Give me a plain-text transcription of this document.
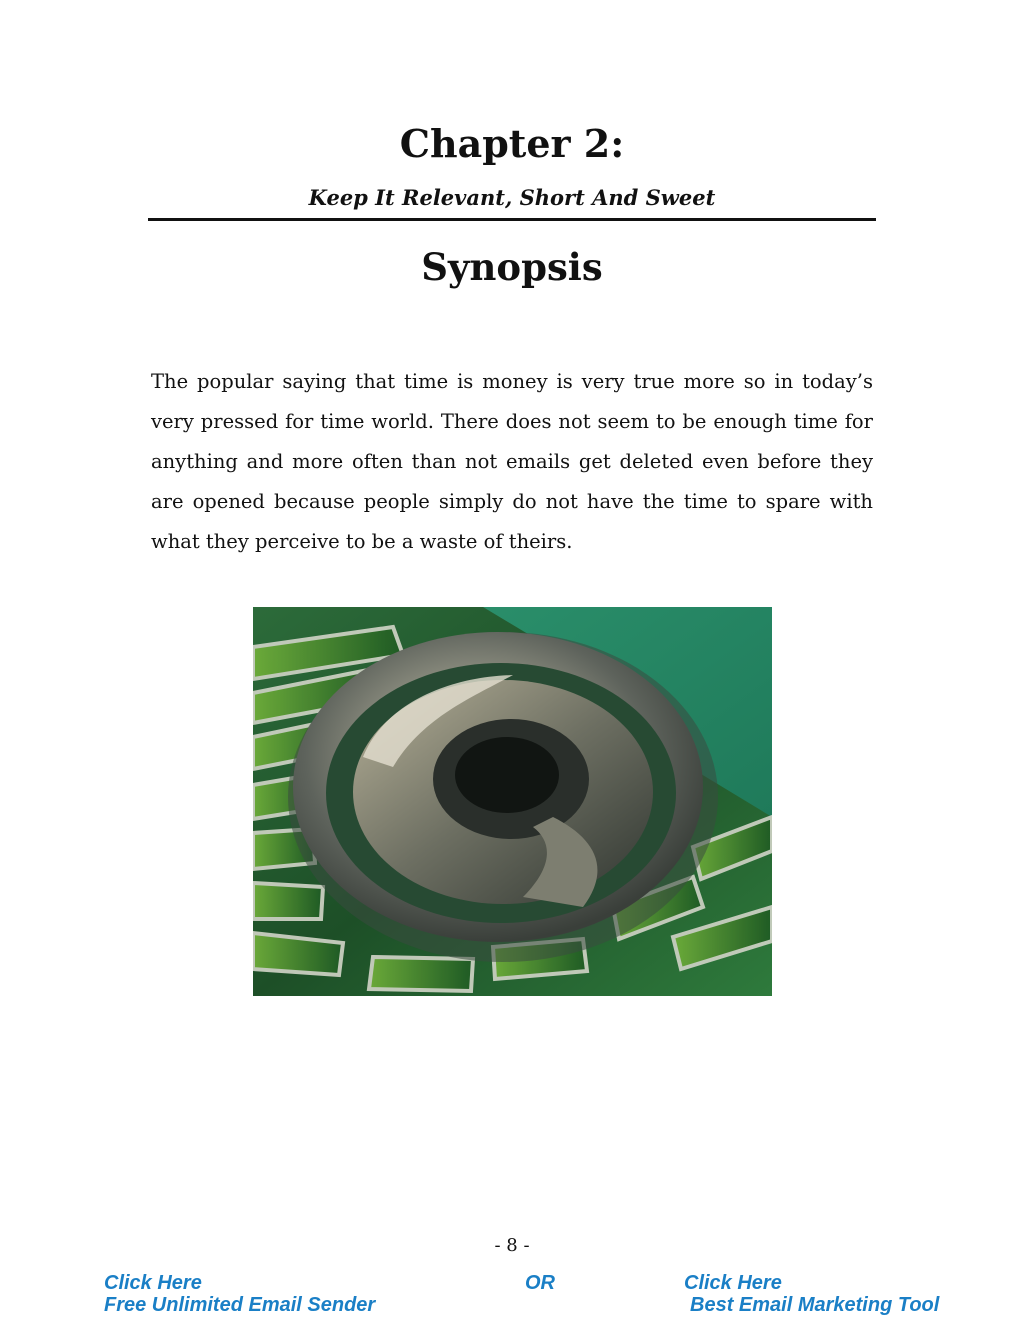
Chapter 2:
Keep It Relevant, Short And Sweet
Synopsis

The popular saying that time is money is very true more so in today’s very pressed for time world. There does not seem to be enough time for anything and more often than not emails get deleted even before they are opened because people simply do not have the time to spare with what they perceive to be a waste of theirs.

- 8 -

Click Here
Free Unlimited Email Sender
OR	Click Here
Best Email Marketing Tool
